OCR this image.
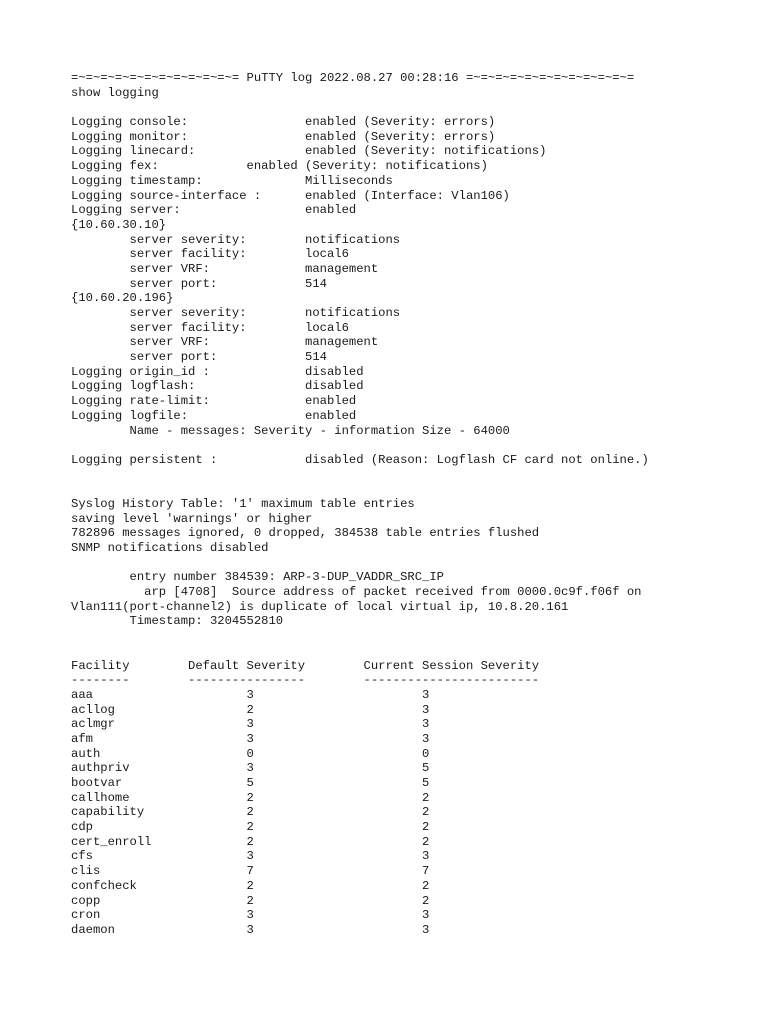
=~=~=~=~=~=~=~=~=~=~=~= PuTTY log 2022.08.27 00:28:16 =~=~=~=~=~=~=~=~=~=~=~=
show logging
Logging console:                enabled (Severity: errors)
Logging monitor:                enabled (Severity: errors)
Logging linecard:               enabled (Severity: notifications)
Logging fex:            enabled (Severity: notifications)
Logging timestamp:              Milliseconds
Logging source-interface :      enabled (Interface: Vlan106)
Logging server:                 enabled
{10.60.30.10}
server severity:        notifications
server facility:        local6
server VRF:             management
server port:            514
{10.60.20.196}
server severity:        notifications
server facility:        local6
server VRF:             management
server port:            514
Logging origin_id :             disabled
Logging logflash:               disabled
Logging rate-limit:             enabled
Logging logfile:                enabled
Name - messages: Severity - information Size - 64000
Logging persistent :            disabled (Reason: Logflash CF card not online.)
Syslog History Table: '1' maximum table entries
saving level 'warnings' or higher
782896 messages ignored, 0 dropped, 384538 table entries flushed
SNMP notifications disabled
entry number 384539: ARP-3-DUP_VADDR_SRC_IP
arp [4708]  Source address of packet received from 0000.0c9f.f06f on
Vlan111(port-channel2) is duplicate of local virtual ip, 10.8.20.161
Timestamp: 3204552810
Facility        Default Severity        Current Session Severity
--------        ----------------        ------------------------
aaa                     3                       3
acllog                  2                       3
aclmgr                  3                       3
afm                     3                       3
auth                    0                       0
authpriv                3                       5
bootvar                 5                       5
callhome                2                       2
capability              2                       2
cdp                     2                       2
cert_enroll             2                       2
cfs                     3                       3
clis                    7                       7
confcheck               2                       2
copp                    2                       2
cron                    3                       3
daemon                  3                       3
